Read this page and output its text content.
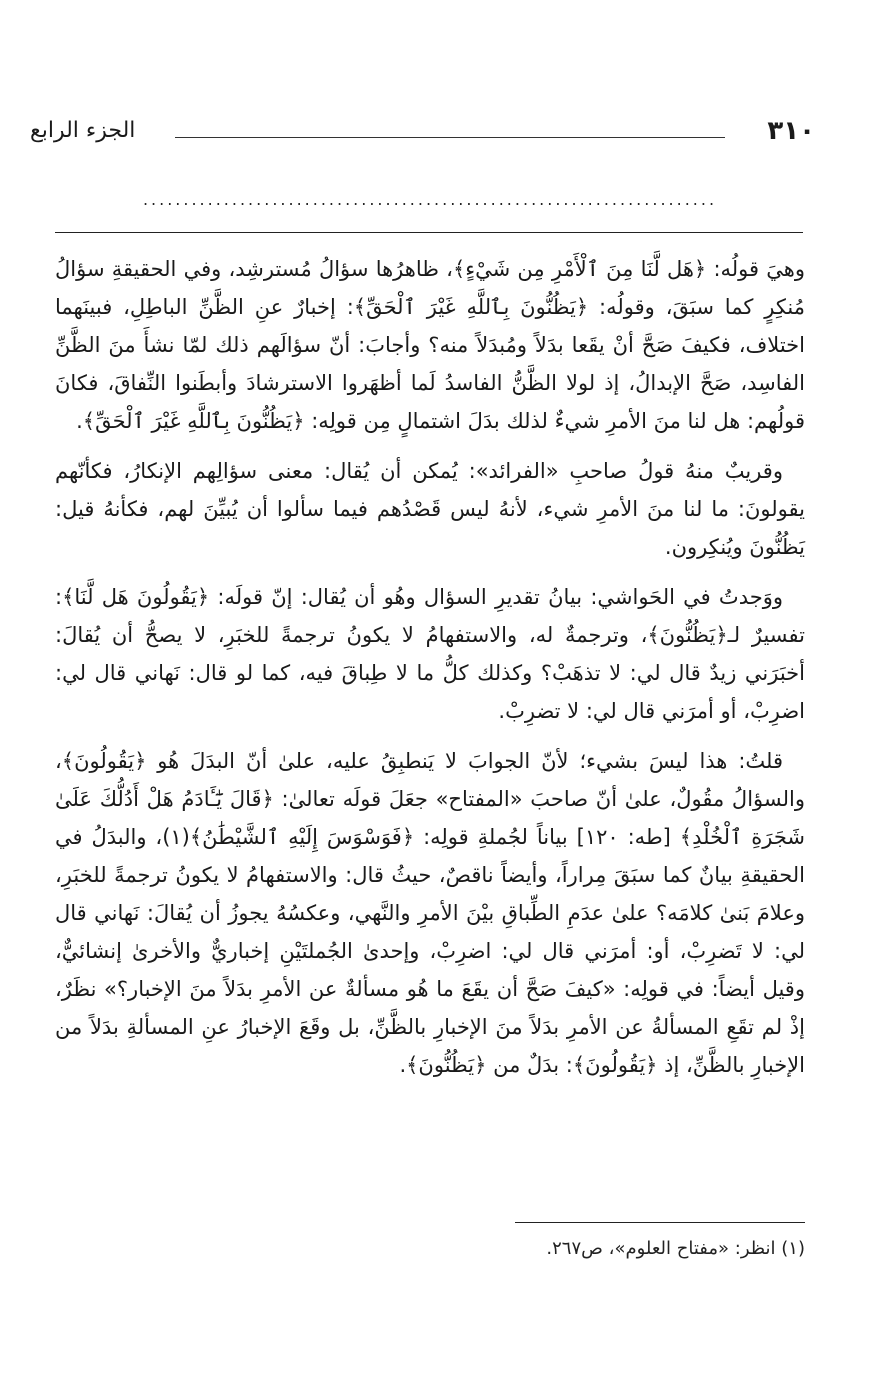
٣١٠
الجزء الرابع
.......................................................................

وهيَ قولُه: ﴿هَل لَّنَا مِنَ ٱلْأَمْرِ مِن شَيْءٍ﴾، ظاهرُها سؤالُ مُسترشِد، وفي الحقيقةِ سؤالُ مُنكِرٍ كما سبَقَ، وقولُه: ﴿يَظُنُّونَ بِٱللَّهِ غَيْرَ ٱلْحَقِّ﴾: إخبارٌ عنِ الظَّنِّ الباطِلِ، فبينَهما اختلاف، فكيفَ صَحَّ أنْ يقَعا بدَلاً ومُبدَلاً منه؟ وأجابَ: أنّ سؤالَهم ذلك لمّا نشأَ منَ الظَّنِّ الفاسِد، صَحَّ الإبدالُ، إذ لولا الظَّنُّ الفاسدُ لَما أظهَروا الاسترشادَ وأبطَنوا النِّفاقَ، فكانَ قولُهم: هل لنا منَ الأمرِ شيءٌ لذلك بدَلَ اشتمالٍ مِن قولِه: ﴿يَظُنُّونَ بِٱللَّهِ غَيْرَ ٱلْحَقِّ﴾.

وقريبٌ منهُ قولُ صاحبِ «الفرائد»: يُمكن أن يُقال: معنى سؤالِهم الإنكارُ، فكأنّهم يقولونَ: ما لنا منَ الأمرِ شيء، لأنهُ ليس قَصْدُهم فيما سألوا أن يُبيِّنَ لهم، فكأنهُ قيل: يَظُنُّونَ ويُنكِرون.

ووَجدتُ في الحَواشي: بيانُ تقديرِ السؤال وهُو أن يُقال: إنّ قولَه: ﴿يَقُولُونَ هَل لَّنَا﴾: تفسيرٌ لـ﴿يَظُنُّونَ﴾، وترجمةٌ له، والاستفهامُ لا يكونُ ترجمةً للخبَرِ، لا يصحُّ أن يُقالَ: أخبَرَني زيدٌ قال لي: لا تذهَبْ؟ وكذلك كلُّ ما لا طِباقَ فيه، كما لو قال: نَهاني قال لي: اضرِبْ، أو أمرَني قال لي: لا تضرِبْ.

قلتُ: هذا ليسَ بشيء؛ لأنّ الجوابَ لا يَنطبِقُ عليه، علىٰ أنّ البدَلَ هُو ﴿يَقُولُونَ﴾، والسؤالُ مقُولٌ، علىٰ أنّ صاحبَ «المفتاح» جعَلَ قولَه تعالىٰ: ﴿قَالَ يَٰٓـَٔادَمُ هَلْ أَدُلُّكَ عَلَىٰ شَجَرَةِ ٱلْخُلْدِ﴾ [طه: ١٢٠] بياناً لجُملةِ قولِه: ﴿فَوَسْوَسَ إِلَيْهِ ٱلشَّيْطَٰنُ﴾(١)، والبدَلُ في الحقيقةِ بيانٌ كما سبَقَ مِراراً، وأيضاً ناقصٌ، حيثُ قال: والاستفهامُ لا يكونُ ترجمةً للخبَرِ، وعلامَ بَنىٰ كلامَه؟ علىٰ عدَمِ الطِّباقِ بيْنَ الأمرِ والنَّهي، وعكسُهُ يجوزُ أن يُقالَ: نَهاني قال لي: لا تَضرِبْ، أو: أمرَني قال لي: اضرِبْ، وإحدىٰ الجُملتَيْنِ إخباريٌّ والأخرىٰ إنشائيٌّ، وقيل أيضاً: في قولِه: «كيفَ صَحَّ أن يقَعَ ما هُو مسألةٌ عن الأمرِ بدَلاً منَ الإخبار؟» نظَرٌ، إذْ لم تقَعِ المسألةُ عن الأمرِ بدَلاً منَ الإخبارِ بالظَّنِّ، بل وقَعَ الإخبارُ عنِ المسألةِ بدَلاً من الإخبارِ بالظَّنِّ، إذ ﴿يَقُولُونَ﴾: بدَلٌ من ﴿يَظُنُّونَ﴾.

(١) انظر: «مفتاح العلوم»، ص٢٦٧.
